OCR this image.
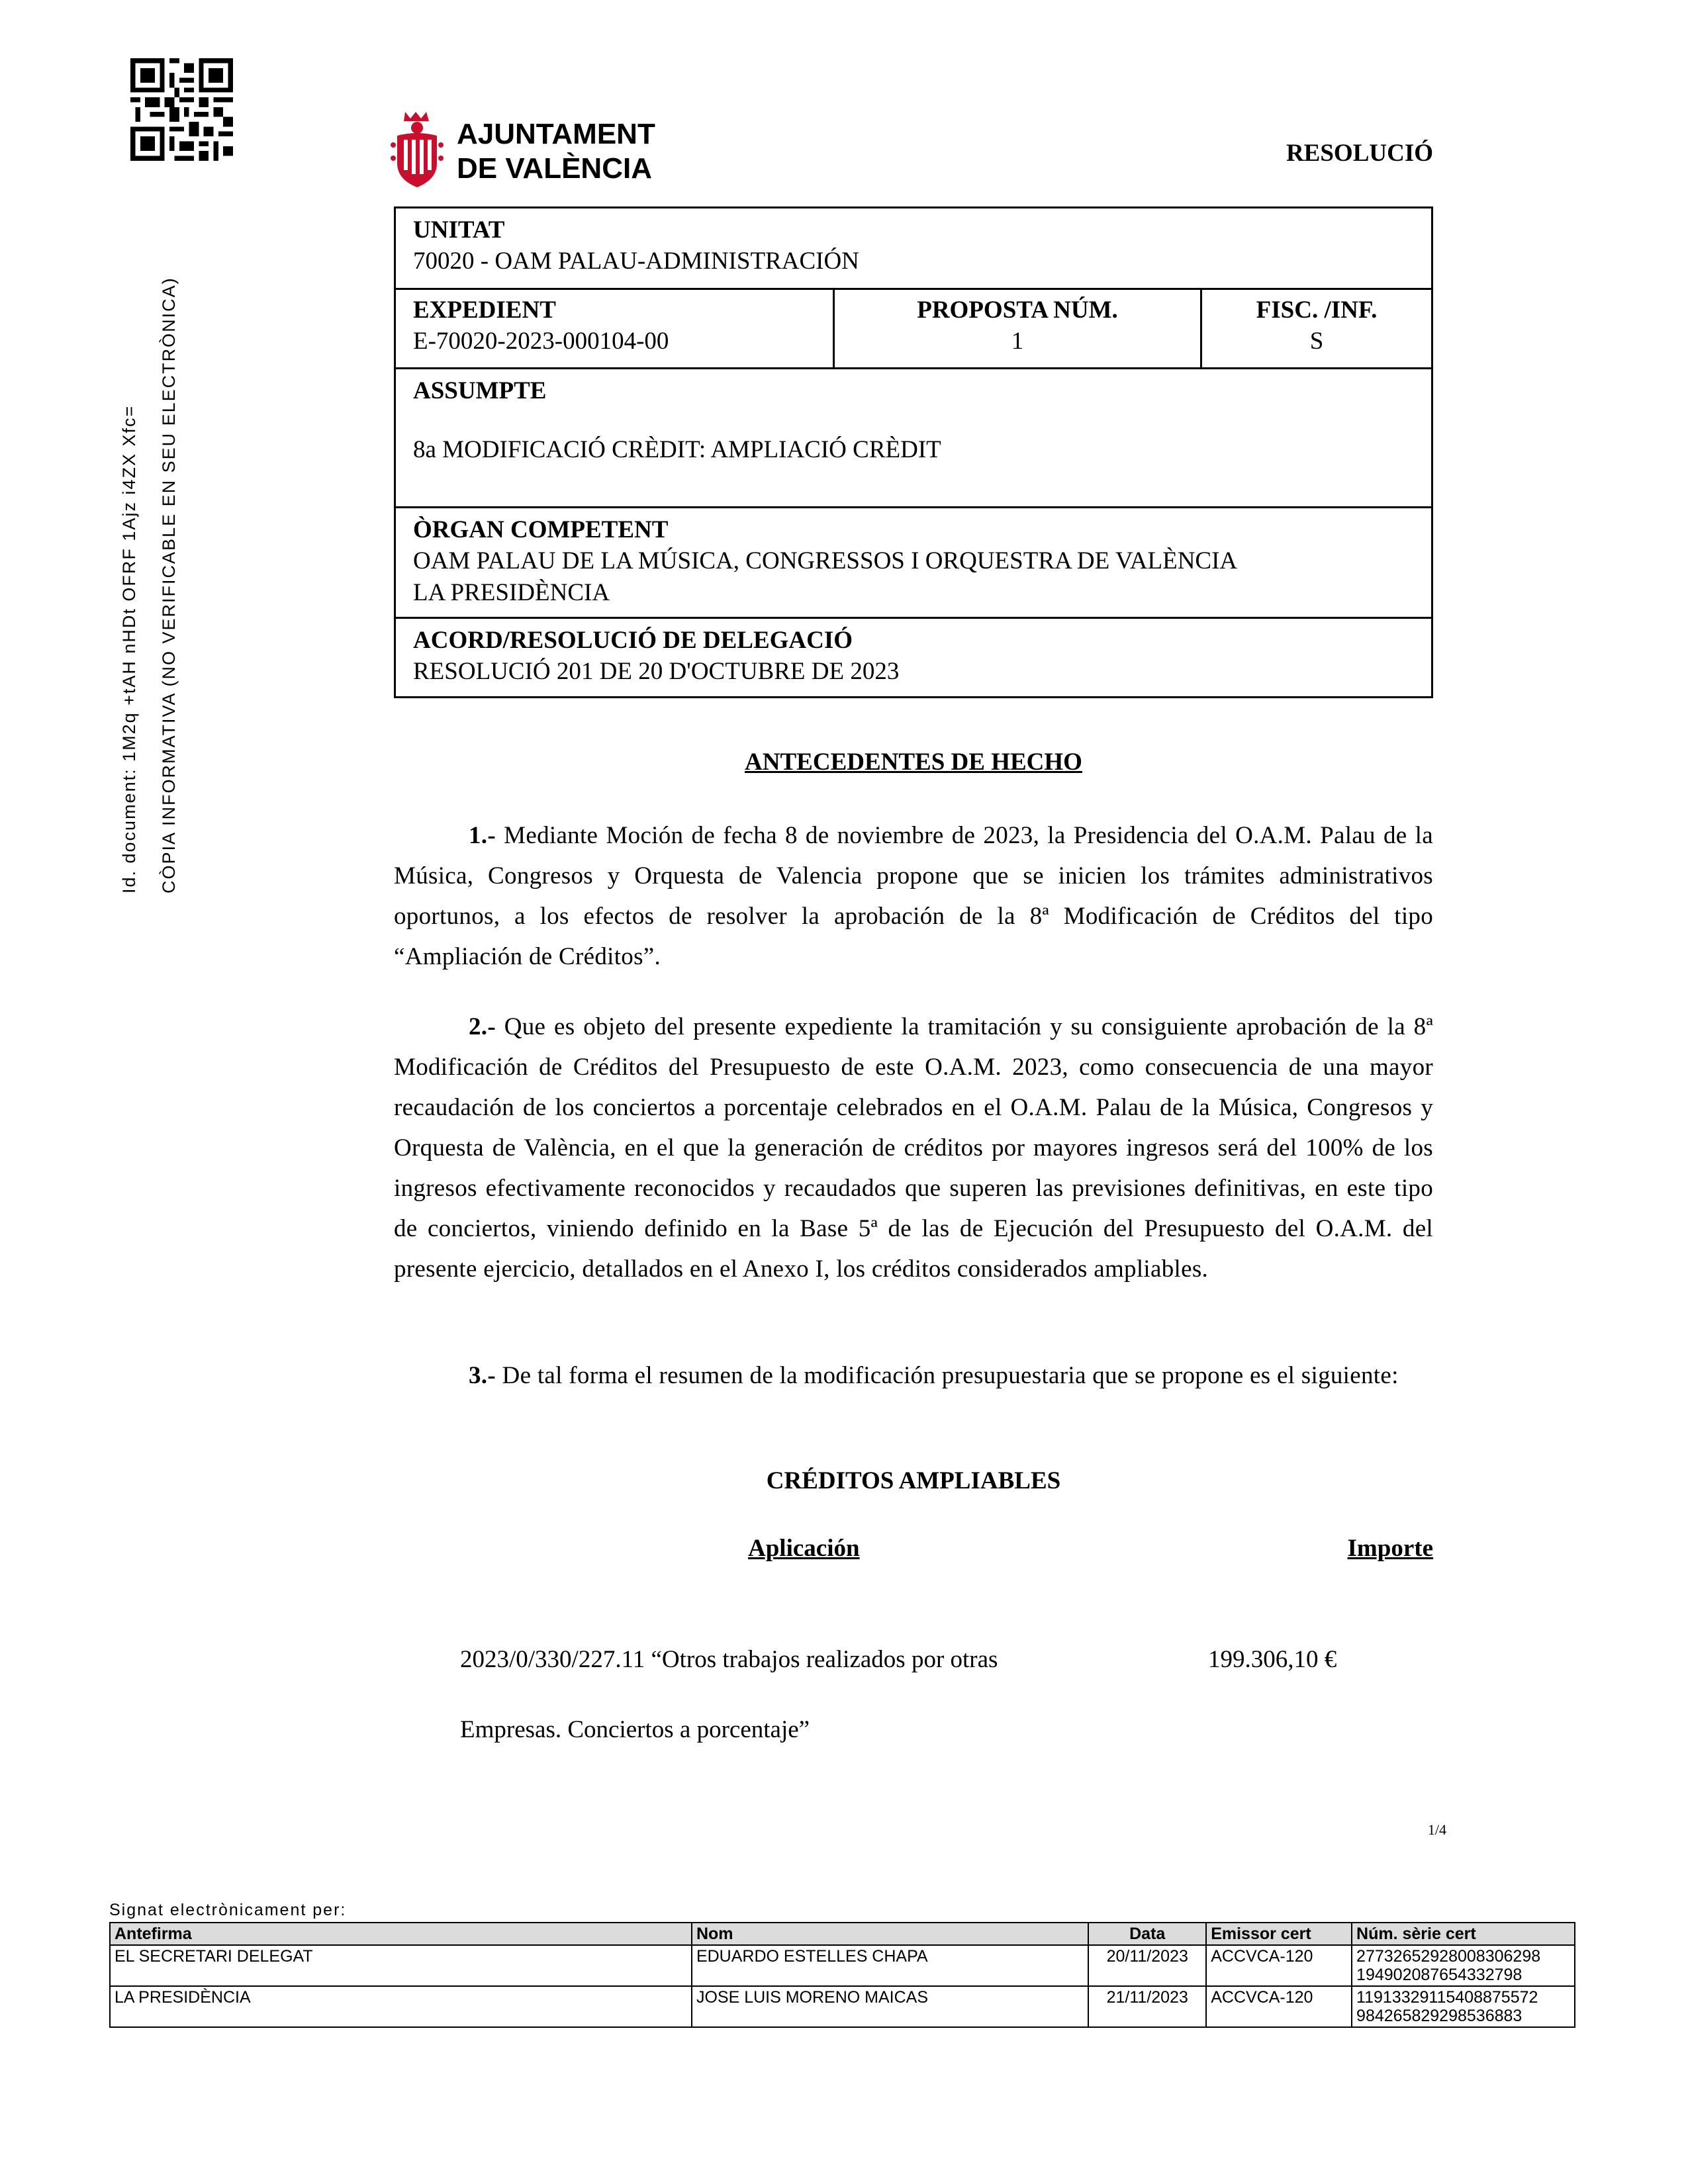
AJUNTAMENT
DE VALÈNCIA	RESOLUCIÓ
Id. document: 1M2q +tAH nHDt OFRF 1Ajz i4ZX Xfc=	CÒPIA INFORMATIVA (NO VERIFICABLE EN SEU ELECTRÒNICA)
UNITAT
70020 - OAM PALAU-ADMINISTRACIÓN
EXPEDIENT
E-70020-2023-000104-00
PROPOSTA NÚM.
1
FISC. /INF.
S
ASSUMPTE
8a MODIFICACIÓ CRÈDIT: AMPLIACIÓ CRÈDIT
ÒRGAN COMPETENT
OAM PALAU DE LA MÚSICA, CONGRESSOS I ORQUESTRA DE VALÈNCIA
LA PRESIDÈNCIA
ACORD/RESOLUCIÓ DE DELEGACIÓ
RESOLUCIÓ 201 DE 20 D'OCTUBRE DE 2023
ANTECEDENTES DE HECHO
1.- Mediante Moción de fecha 8 de noviembre de 2023, la Presidencia del O.A.M. Palau de la Música, Congresos y Orquesta de Valencia propone que se inicien los trámites administrativos oportunos, a los efectos de resolver la aprobación de la 8ª Modificación de Créditos del tipo “Ampliación de Créditos”.
2.- Que es objeto del presente expediente la tramitación y su consiguiente aprobación de la 8ª Modificación de Créditos del Presupuesto de este O.A.M. 2023, como consecuencia de una mayor recaudación de los conciertos a porcentaje celebrados en el O.A.M. Palau de la Música, Congresos y Orquesta de València, en el que la generación de créditos por mayores ingresos será del 100% de los ingresos efectivamente reconocidos y recaudados que superen las previsiones definitivas, en este tipo de conciertos, viniendo definido en la Base 5ª de las de Ejecución del Presupuesto del O.A.M. del presente ejercicio, detallados en el Anexo I, los créditos considerados ampliables.
3.- De tal forma el resumen de la modificación presupuestaria que se propone es el siguiente:
CRÉDITOS AMPLIABLES
Aplicación	Importe
2023/0/330/227.11 “Otros trabajos realizados por otras	199.306,10 €
Empresas. Conciertos a porcentaje”
1/4
Signat electrònicament per:
Antefirma	Nom	Data	Emissor cert	Núm. sèrie cert
EL SECRETARI DELEGAT	EDUARDO ESTELLES CHAPA	20/11/2023	ACCVCA-120	27732652928008306298
194902087654332798

LA PRESIDÈNCIA	JOSE LUIS MORENO MAICAS	21/11/2023	ACCVCA-120	11913329115408875572
984265829298536883
